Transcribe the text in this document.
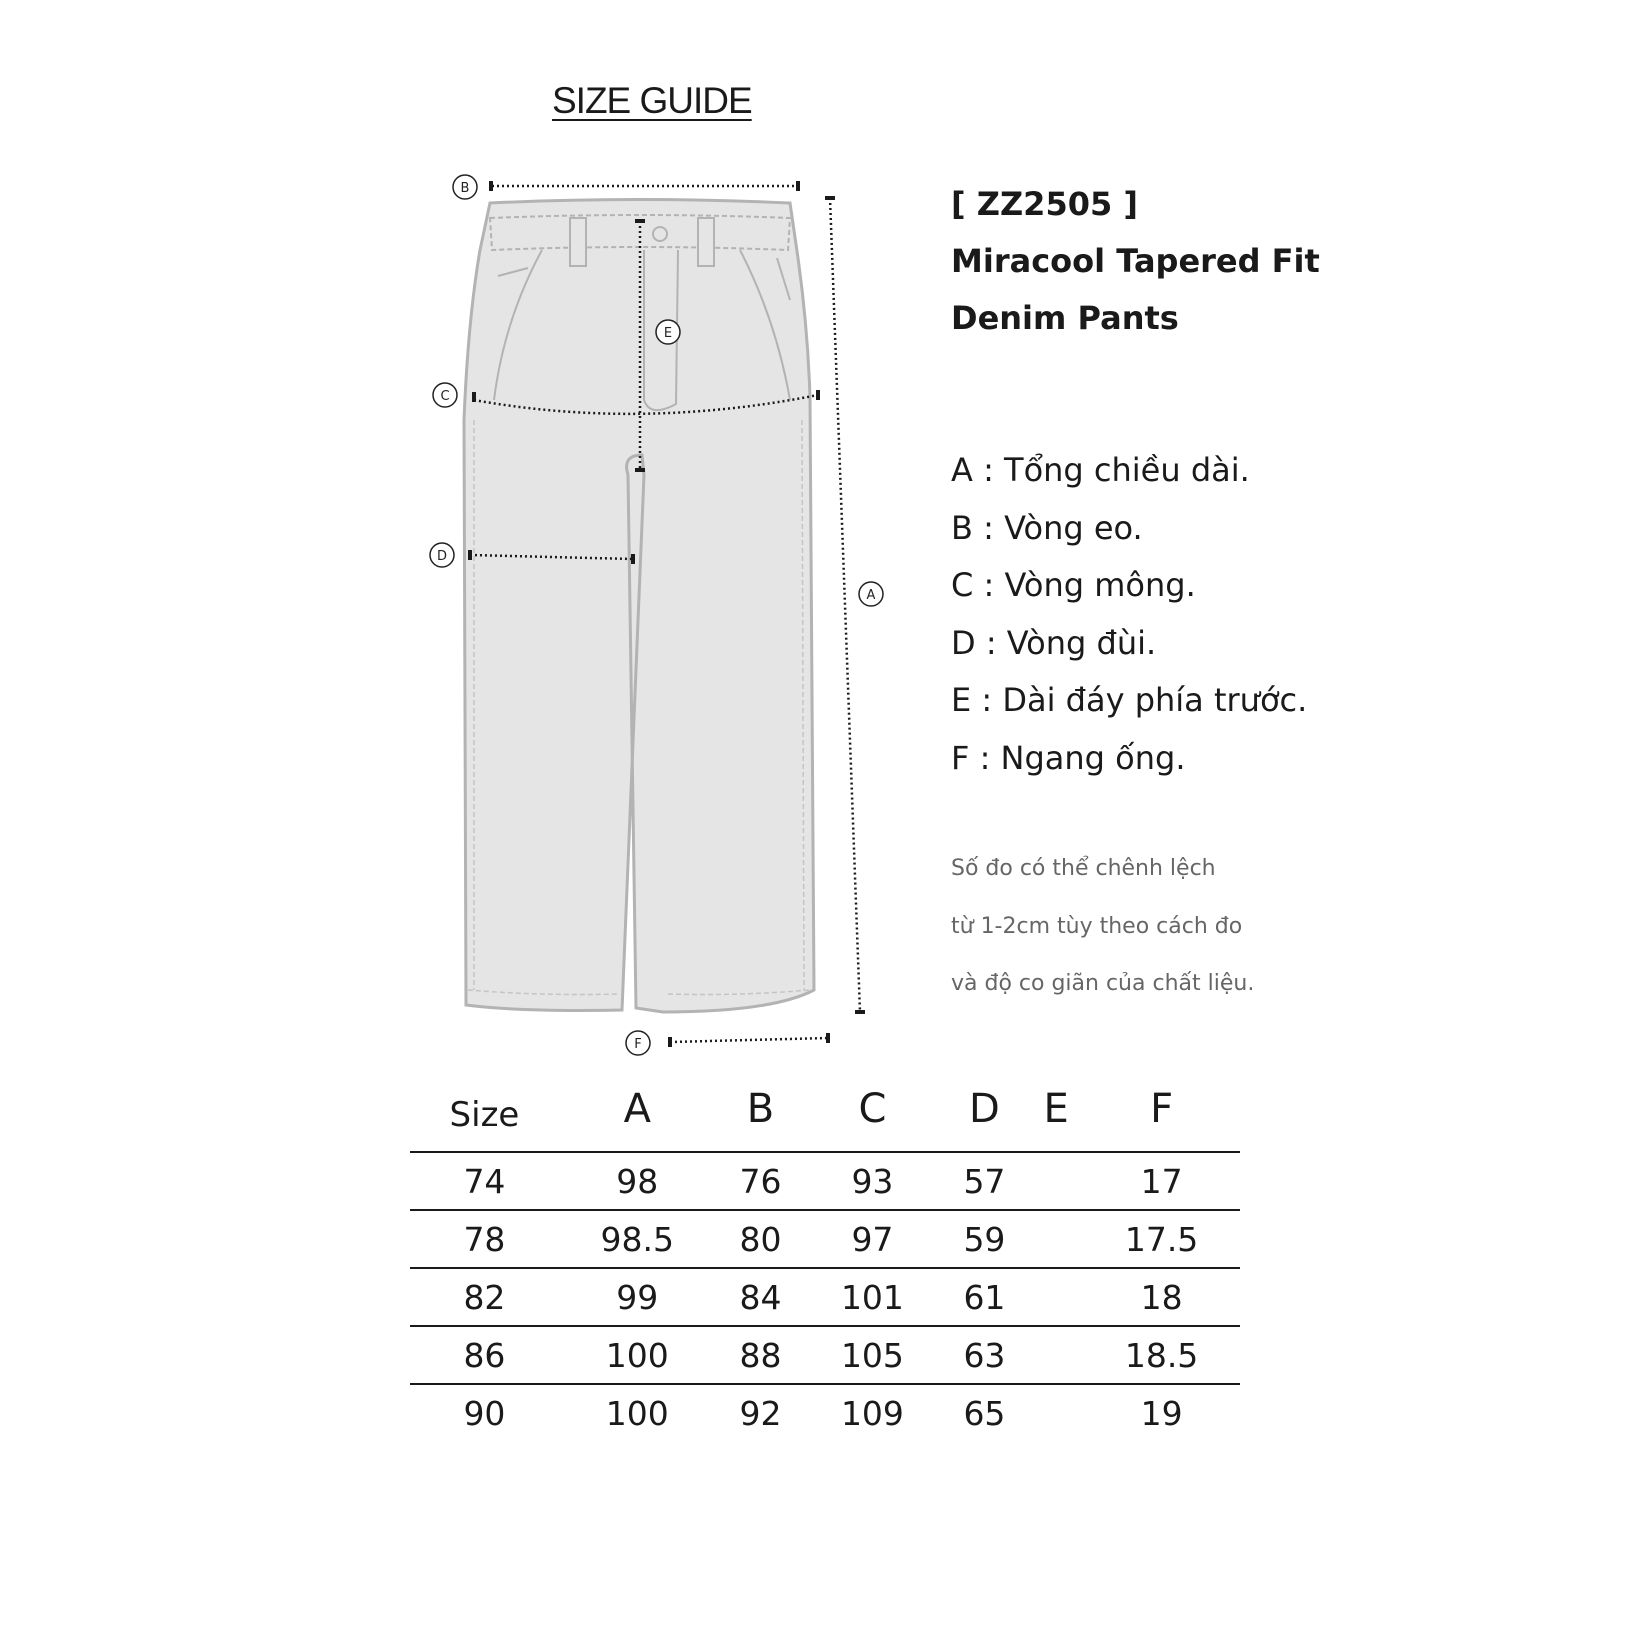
SIZE GUIDE
B
A
E
C
D
F
[ ZZ2505 ]
Miracool Tapered Fit
Denim Pants
A : Tổng chiều dài.
B : Vòng eo.
C : Vòng mông.
D : Vòng đùi.
E : Dài đáy phía trước.
F : Ngang ống.
Số đo có thể chênh lệch
từ 1-2cm tùy theo cách đo
và độ co giãn của chất liệu.
Size	A	B	C	D	E	F
74	98	76	93	57		17
78	98.5	80	97	59		17.5
82	99	84	101	61		18
86	100	88	105	63		18.5
90	100	92	109	65		19
